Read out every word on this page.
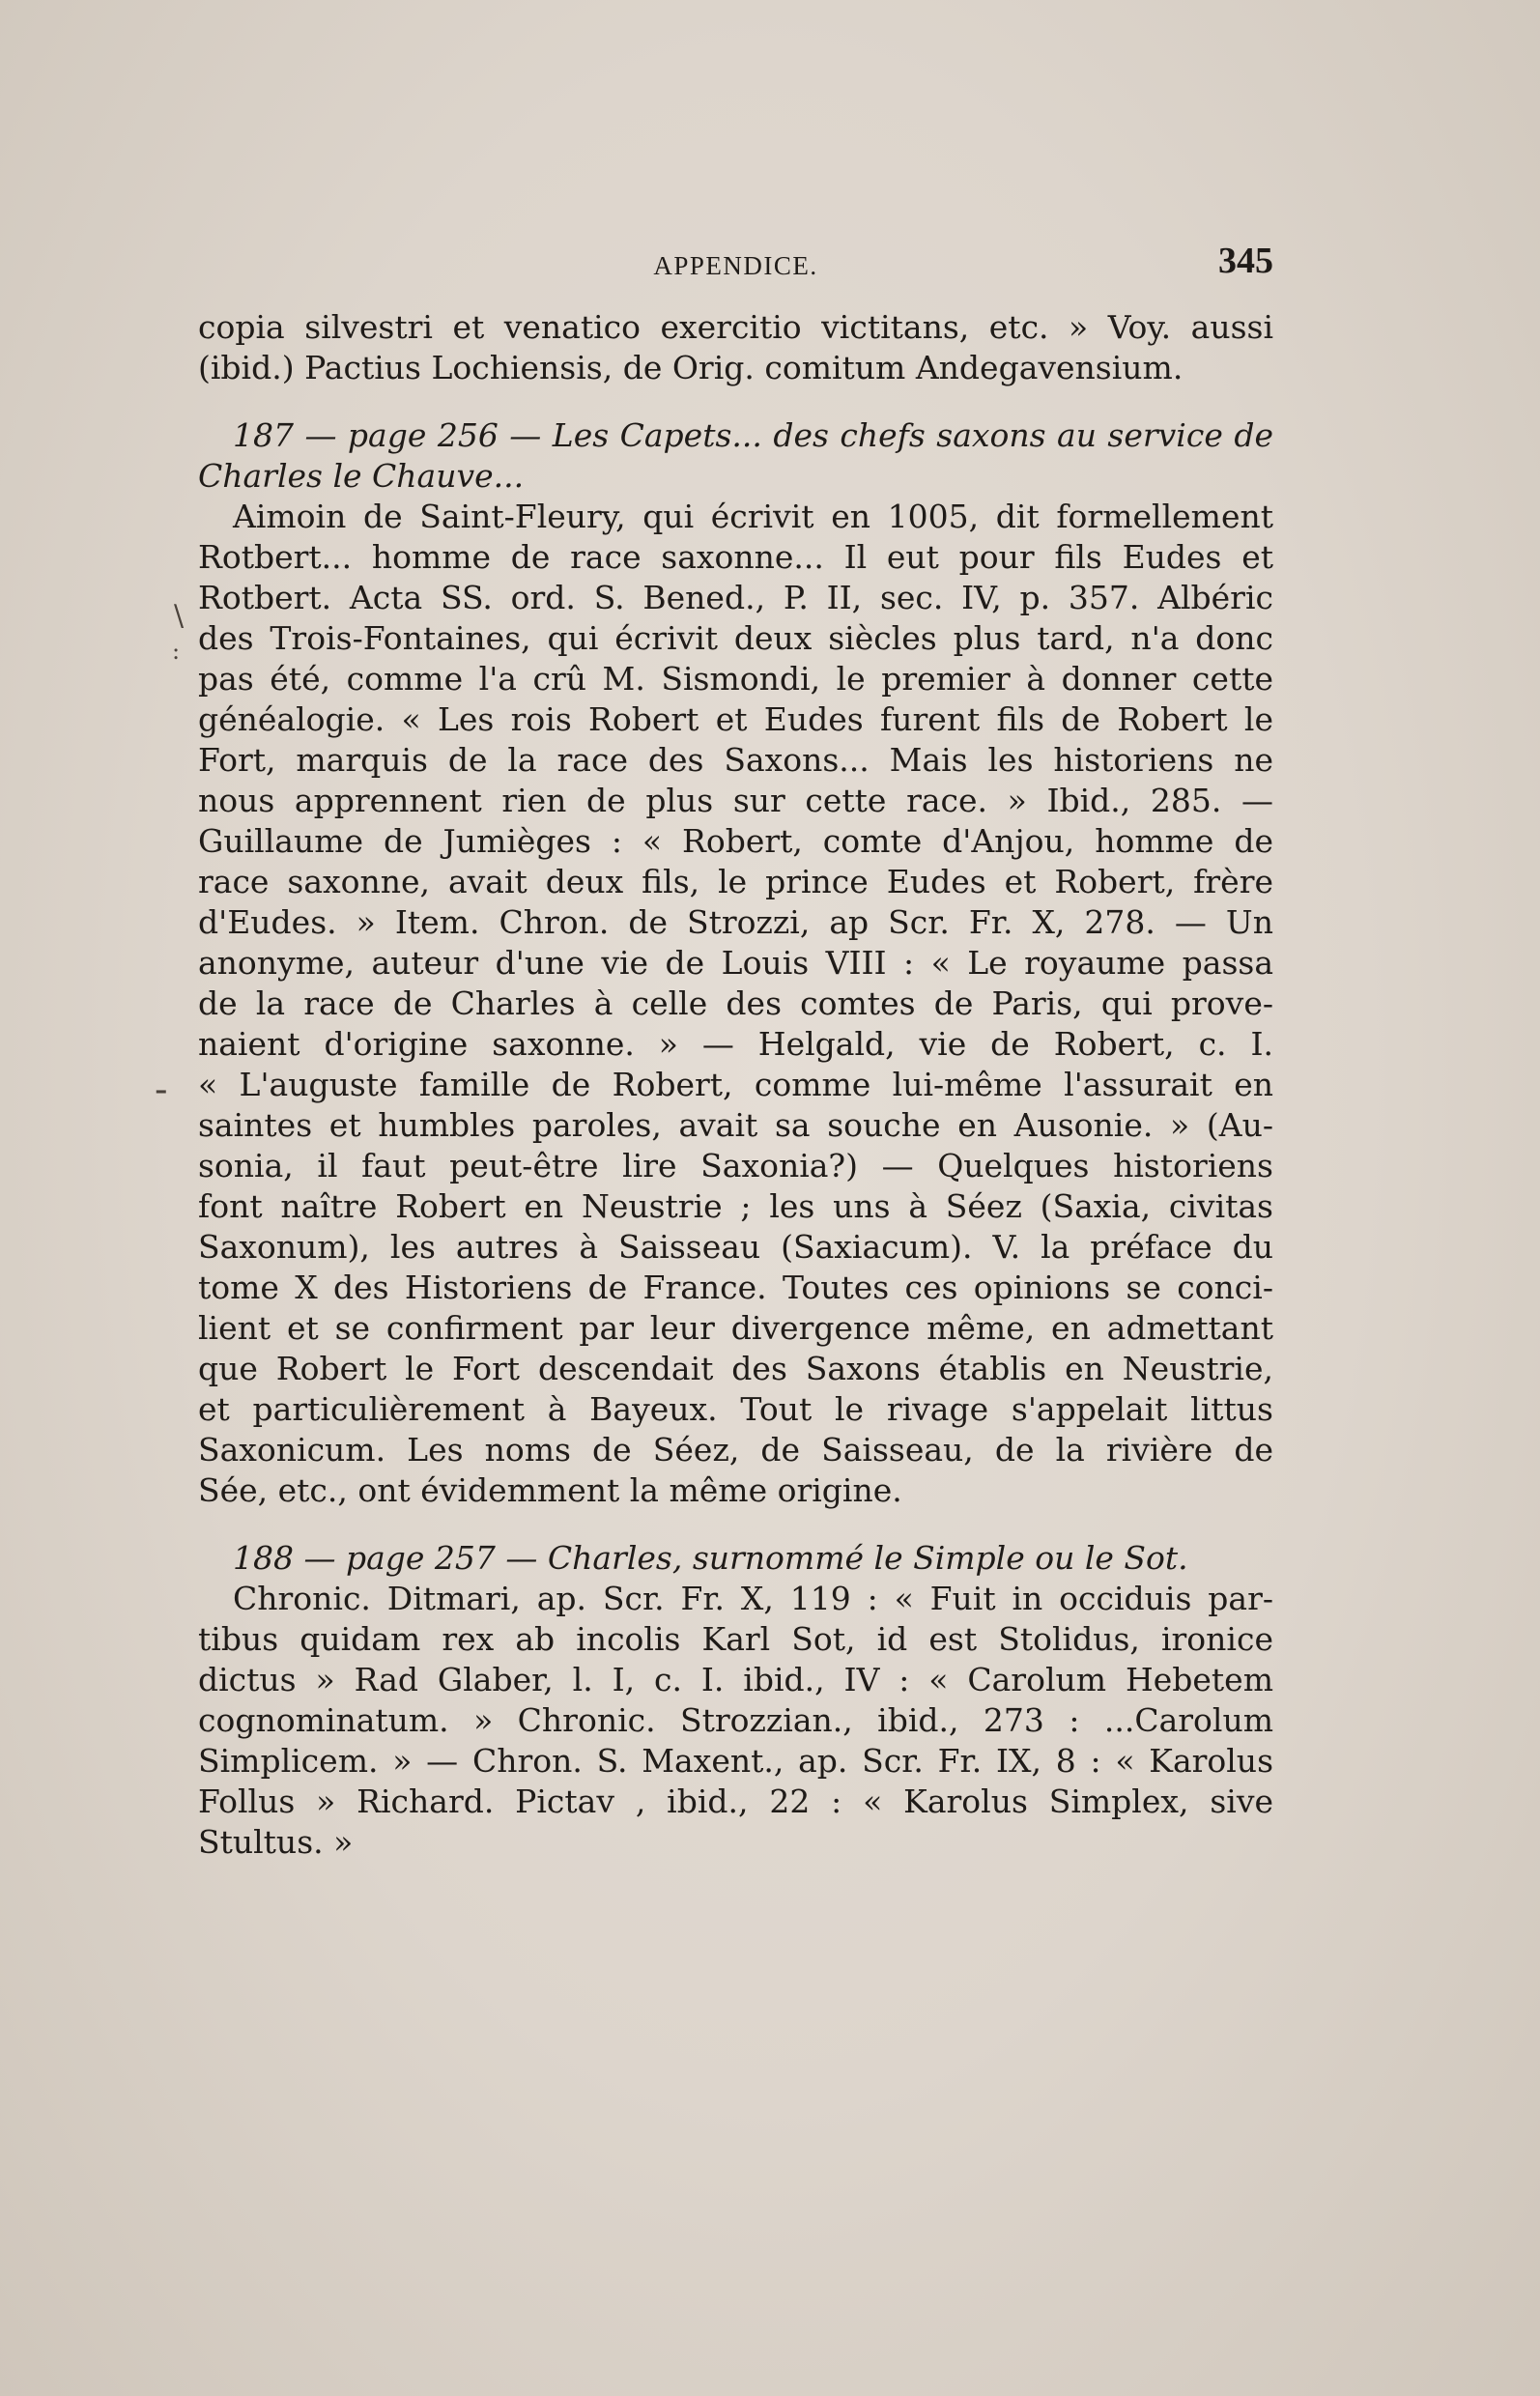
APPENDICE.	345
\
:
-
copia silvestri et venatico exercitio victitans, etc. » Voy. aussi
(ibid.) Pactius Lochiensis, de Orig. comitum Andegavensium.
187 — page 256 — Les Capets... des chefs saxons au service de
Charles le Chauve...
Aimoin de Saint-Fleury, qui écrivit en 1005, dit formellement
Rotbert... homme de race saxonne... Il eut pour fils Eudes et
Rotbert. Acta SS. ord. S. Bened., P. II, sec. IV, p. 357. Albéric
des Trois-Fontaines, qui écrivit deux siècles plus tard, n'a donc
pas été, comme l'a crû M. Sismondi, le premier à donner cette
généalogie. « Les rois Robert et Eudes furent fils de Robert le
Fort, marquis de la race des Saxons... Mais les historiens ne
nous apprennent rien de plus sur cette race. » Ibid., 285. —
Guillaume de Jumièges : « Robert, comte d'Anjou, homme de
race saxonne, avait deux fils, le prince Eudes et Robert, frère
d'Eudes. » Item. Chron. de Strozzi, ap Scr. Fr. X, 278. — Un
anonyme, auteur d'une vie de Louis VIII : « Le royaume passa
de la race de Charles à celle des comtes de Paris, qui prove-
naient d'origine saxonne. » — Helgald, vie de Robert, c. I.
« L'auguste famille de Robert, comme lui-même l'assurait en
saintes et humbles paroles, avait sa souche en Ausonie. » (Au-
sonia, il faut peut-être lire Saxonia?) — Quelques historiens
font naître Robert en Neustrie ; les uns à Séez (Saxia, civitas
Saxonum), les autres à Saisseau (Saxiacum). V. la préface du
tome X des Historiens de France. Toutes ces opinions se conci-
lient et se confirment par leur divergence même, en admettant
que Robert le Fort descendait des Saxons établis en Neustrie,
et particulièrement à Bayeux. Tout le rivage s'appelait littus
Saxonicum. Les noms de Séez, de Saisseau, de la rivière de
Sée, etc., ont évidemment la même origine.
188 — page 257 — Charles, surnommé le Simple ou le Sot.
Chronic. Ditmari, ap. Scr. Fr. X, 119 : « Fuit in occiduis par-
tibus quidam rex ab incolis Karl Sot, id est Stolidus, ironice
dictus » Rad Glaber, l. I, c. I. ibid., IV : « Carolum Hebetem
cognominatum. » Chronic. Strozzian., ibid., 273 : ...Carolum
Simplicem. » — Chron. S. Maxent., ap. Scr. Fr. IX, 8 : « Karolus
Follus » Richard. Pictav , ibid., 22 : « Karolus Simplex, sive
Stultus. »
